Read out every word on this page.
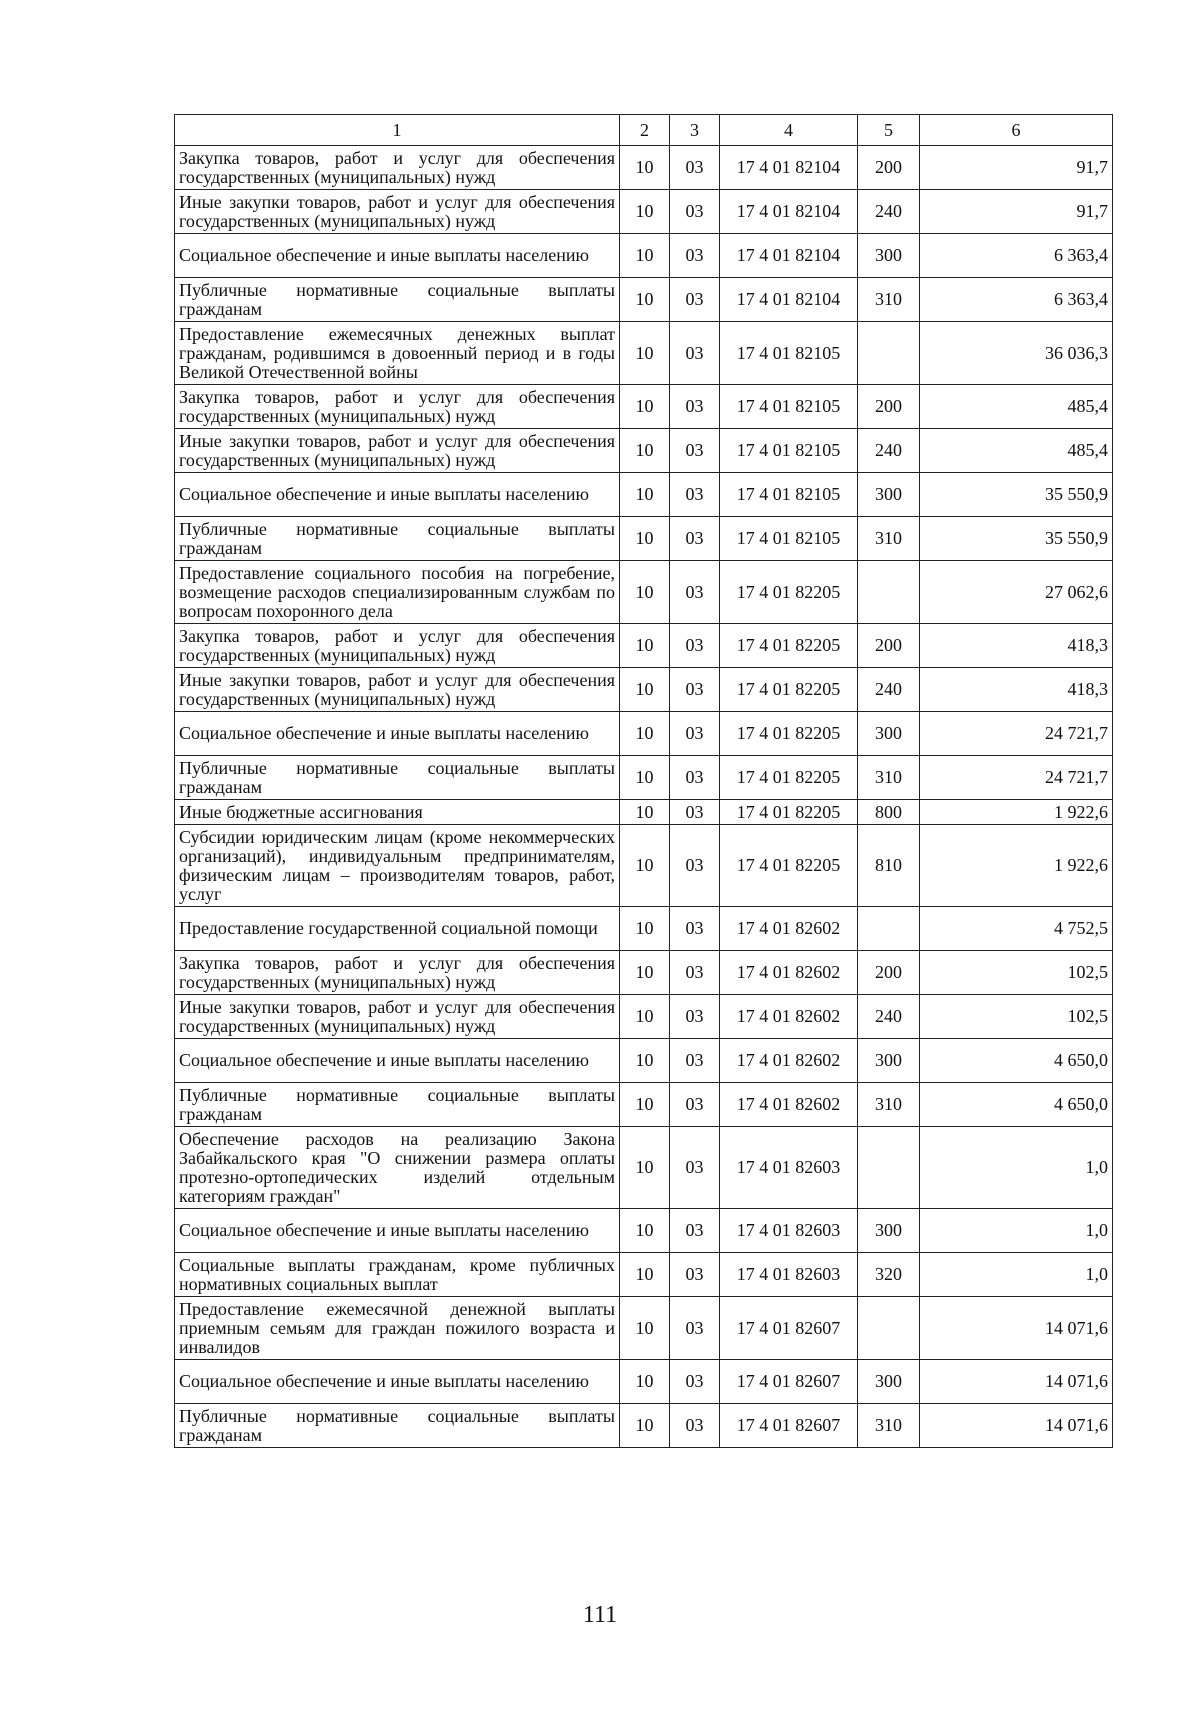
1	2	3	4	5	6
Закупка товаров, работ и услуг для обеспечения государственных (муниципальных) нужд	10	03	17 4 01 82104	200	91,7
Иные закупки товаров, работ и услуг для обеспечения государственных (муниципальных) нужд	10	03	17 4 01 82104	240	91,7
Социальное обеспечение и иные выплаты населению	10	03	17 4 01 82104	300	6 363,4
Публичные нормативные социальные выплаты гражданам	10	03	17 4 01 82104	310	6 363,4
Предоставление ежемесячных денежных выплат гражданам, родившимся в довоенный период и в годы Великой Отечественной войны	10	03	17 4 01 82105		36 036,3
Закупка товаров, работ и услуг для обеспечения государственных (муниципальных) нужд	10	03	17 4 01 82105	200	485,4
Иные закупки товаров, работ и услуг для обеспечения государственных (муниципальных) нужд	10	03	17 4 01 82105	240	485,4
Социальное обеспечение и иные выплаты населению	10	03	17 4 01 82105	300	35 550,9
Публичные нормативные социальные выплаты гражданам	10	03	17 4 01 82105	310	35 550,9
Предоставление социального пособия на погребение, возмещение расходов специализированным службам по вопросам похоронного дела	10	03	17 4 01 82205		27 062,6
Закупка товаров, работ и услуг для обеспечения государственных (муниципальных) нужд	10	03	17 4 01 82205	200	418,3
Иные закупки товаров, работ и услуг для обеспечения государственных (муниципальных) нужд	10	03	17 4 01 82205	240	418,3
Социальное обеспечение и иные выплаты населению	10	03	17 4 01 82205	300	24 721,7
Публичные нормативные социальные выплаты гражданам	10	03	17 4 01 82205	310	24 721,7
Иные бюджетные ассигнования	10	03	17 4 01 82205	800	1 922,6
Субсидии юридическим лицам (кроме некоммерческих организаций), индивидуальным предпринимателям, физическим лицам – производителям товаров, работ, услуг	10	03	17 4 01 82205	810	1 922,6
Предоставление государственной социальной помощи	10	03	17 4 01 82602		4 752,5
Закупка товаров, работ и услуг для обеспечения государственных (муниципальных) нужд	10	03	17 4 01 82602	200	102,5
Иные закупки товаров, работ и услуг для обеспечения государственных (муниципальных) нужд	10	03	17 4 01 82602	240	102,5
Социальное обеспечение и иные выплаты населению	10	03	17 4 01 82602	300	4 650,0
Публичные нормативные социальные выплаты гражданам	10	03	17 4 01 82602	310	4 650,0
Обеспечение расходов на реализацию Закона Забайкальского края "О снижении размера оплаты протезно-ортопедических изделий отдельным категориям граждан"	10	03	17 4 01 82603		1,0
Социальное обеспечение и иные выплаты населению	10	03	17 4 01 82603	300	1,0
Социальные выплаты гражданам, кроме публичных нормативных социальных выплат	10	03	17 4 01 82603	320	1,0
Предоставление ежемесячной денежной выплаты приемным семьям для граждан пожилого возраста и инвалидов	10	03	17 4 01 82607		14 071,6
Социальное обеспечение и иные выплаты населению	10	03	17 4 01 82607	300	14 071,6
Публичные нормативные социальные выплаты гражданам	10	03	17 4 01 82607	310	14 071,6
111
